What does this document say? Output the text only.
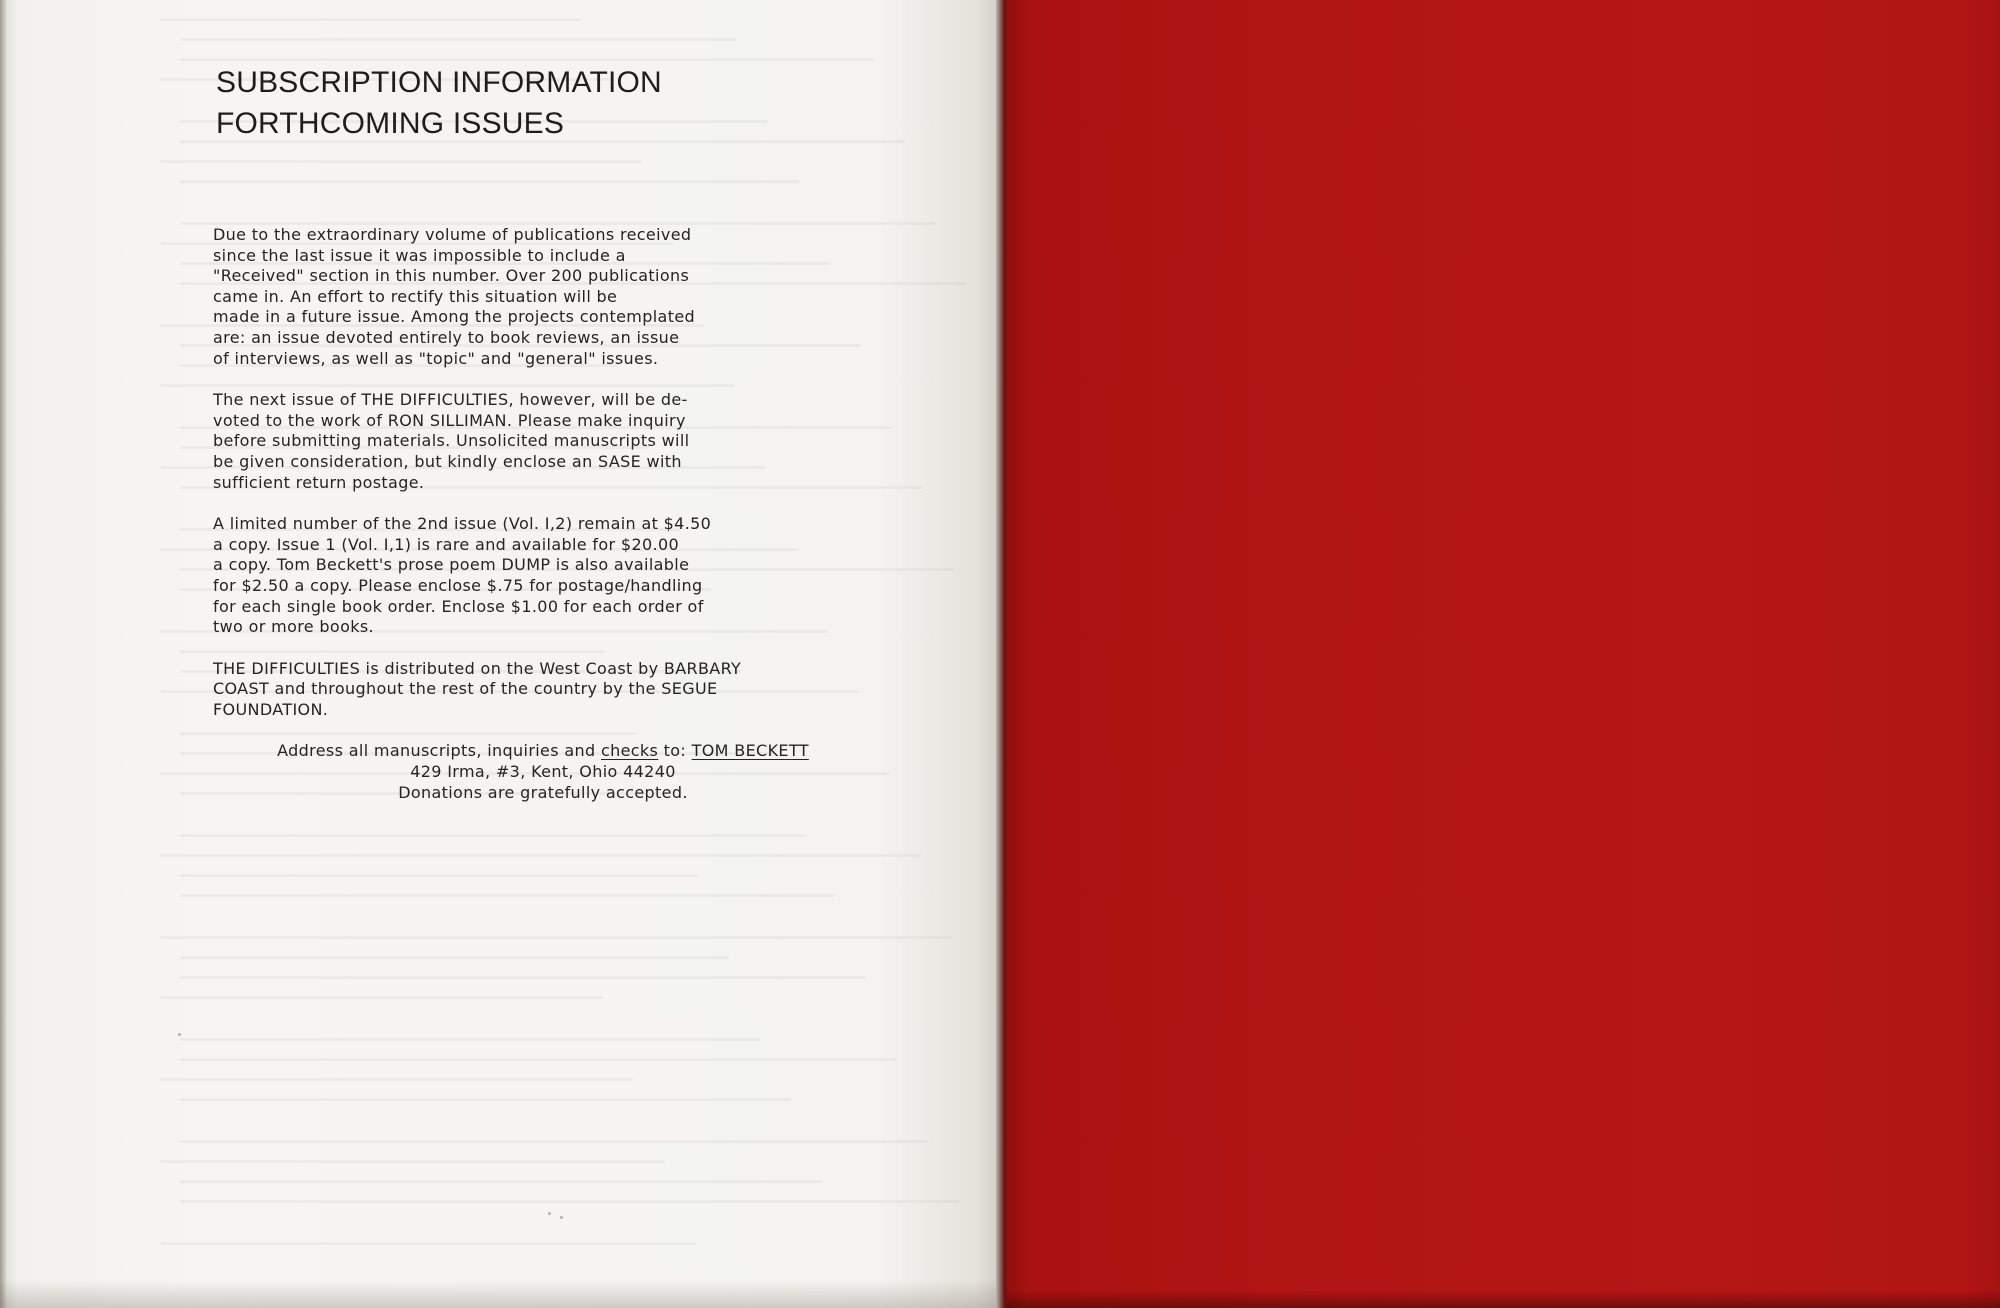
SUBSCRIPTION INFORMATION
FORTHCOMING ISSUES

Due to the extraordinary volume of publications received
since the last issue it was impossible to include a
"Received" section in this number. Over 200 publications
came in. An effort to rectify this situation will be
made in a future issue. Among the projects contemplated
are: an issue devoted entirely to book reviews, an issue
of interviews, as well as "topic" and "general" issues.

The next issue of THE DIFFICULTIES, however, will be de-
voted to the work of RON SILLIMAN. Please make inquiry
before submitting materials. Unsolicited manuscripts will
be given consideration, but kindly enclose an SASE with
sufficient return postage.

A limited number of the 2nd issue (Vol. I,2) remain at $4.50
a copy. Issue 1 (Vol. I,1) is rare and available for $20.00
a copy. Tom Beckett's prose poem DUMP is also available
for $2.50 a copy. Please enclose $.75 for postage/handling
for each single book order. Enclose $1.00 for each order of
two or more books.

THE DIFFICULTIES is distributed on the West Coast by BARBARY
COAST and throughout the rest of the country by the SEGUE
FOUNDATION.

Address all manuscripts, inquiries and checks to: TOM BECKETT
429 Irma, #3, Kent, Ohio 44240
Donations are gratefully accepted.
